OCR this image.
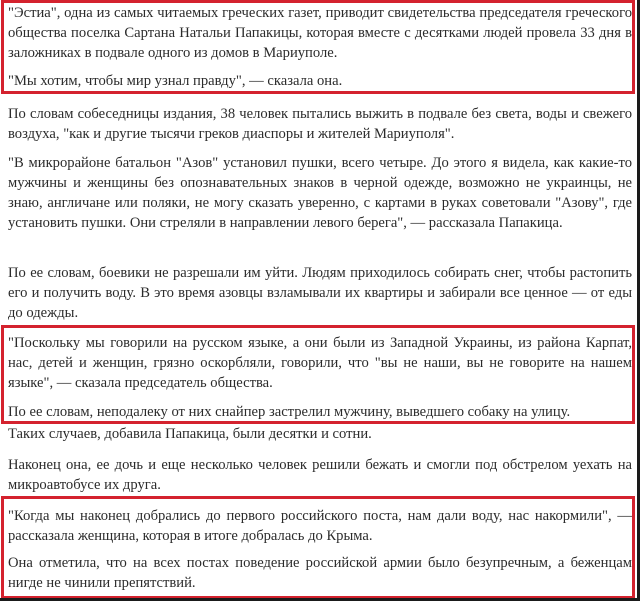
"Эстиа", одна из самых читаемых греческих газет, приводит свидетельства председателя греческого общества поселка Сартана Натальи Папакицы, которая вместе с десятками людей провела 33 дня в заложниках в подвале одного из домов в Мариуполе.

"Мы хотим, чтобы мир узнал правду", — сказала она.

По словам собеседницы издания, 38 человек пытались выжить в подвале без света, воды и свежего воздуха, "как и другие тысячи греков диаспоры и жителей Мариуполя".

"В микрорайоне батальон "Азов" установил пушки, всего четыре. До этого я видела, как какие-то мужчины и женщины без опознавательных знаков в черной одежде, возможно не украинцы, не знаю, англичане или поляки, не могу сказать уверенно, с картами в руках советовали "Азову", где установить пушки. Они стреляли в направлении левого берега", — рассказала Папакица.

По ее словам, боевики не разрешали им уйти. Людям приходилось собирать снег, чтобы растопить его и получить воду. В это время азовцы взламывали их квартиры и забирали все ценное — от еды до одежды.

"Поскольку мы говорили на русском языке, а они были из Западной Украины, из района Карпат, нас, детей и женщин, грязно оскорбляли, говорили, что "вы не наши, вы не говорите на нашем языке", — сказала председатель общества.

По ее словам, неподалеку от них снайпер застрелил мужчину, выведшего собаку на улицу.

Таких случаев, добавила Папакица, были десятки и сотни.

Наконец она, ее дочь и еще несколько человек решили бежать и смогли под обстрелом уехать на микроавтобусе их друга.

"Когда мы наконец добрались до первого российского поста, нам дали воду, нас накормили", — рассказала женщина, которая в итоге добралась до Крыма.

Она отметила, что на всех постах поведение российской армии было безупречным, а беженцам нигде не чинили препятствий.
